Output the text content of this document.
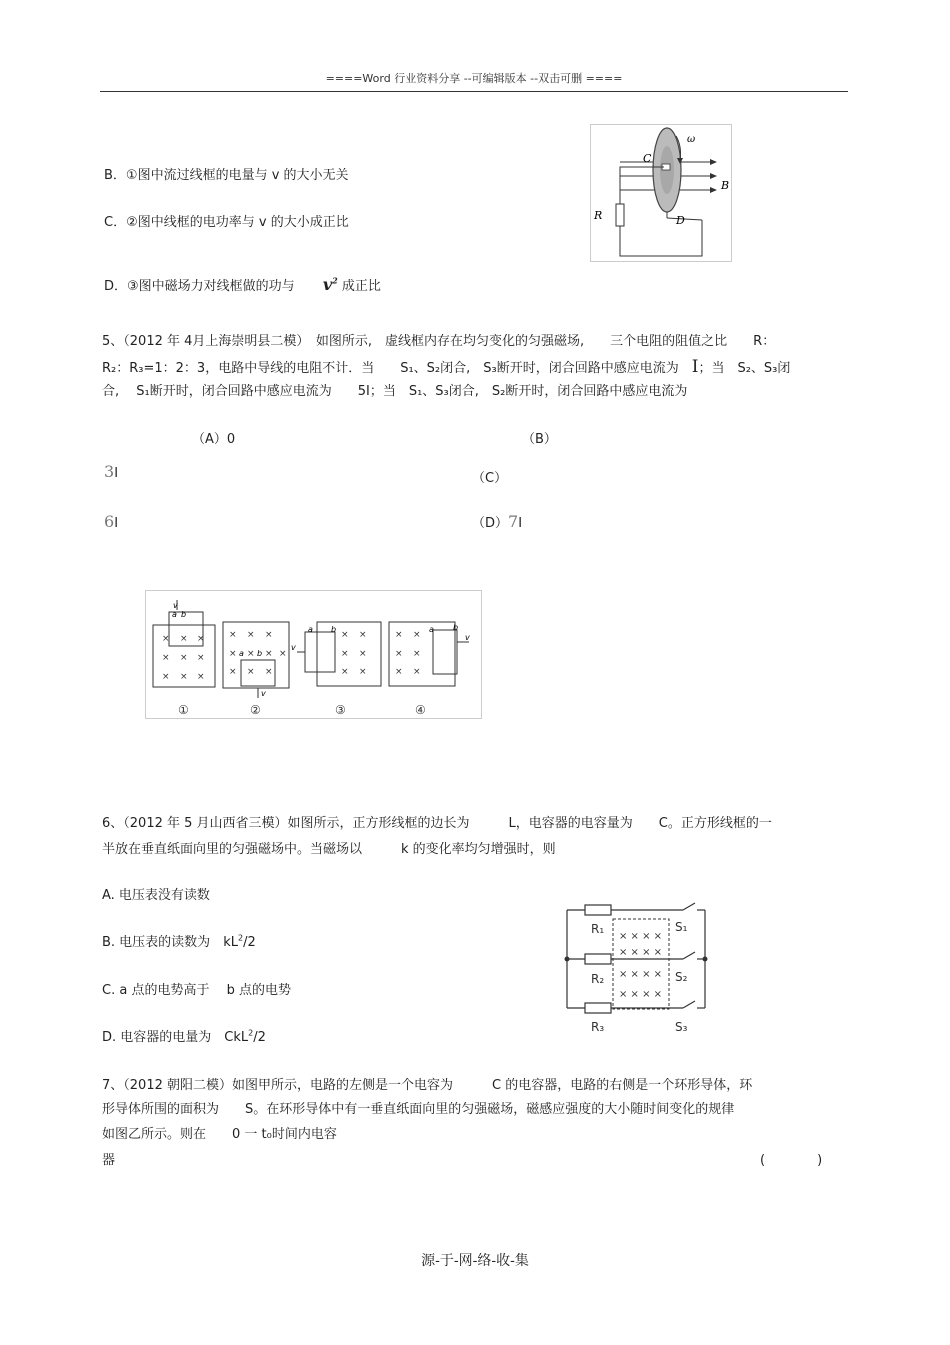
====Word 行业资料分享 --可编辑版本 --双击可删 ====
B．①图中流过线框的电量与 v 的大小无关
C．②图中线框的电功率与 v 的大小成正比
D．③图中磁场力对线框做的功与 $v^2$ 成正比
ω
C
B
R	D
5、（2012 年 4月上海崇明县二模）　如图所示,　虚线框内存在均匀变化的匀强磁场,　　三个电阻的阻值之比　　R：
R₂：R₃=1：2：3，电路中导线的电阻不计．当　　S₁、S₂闭合,　S₃断开时，闭合回路中感应电流为　I；当　S₂、S₃闭
合,　 S₁断开时，闭合回路中感应电流为　　5I；当　S₁、S₃闭合,　S₂断开时，闭合回路中感应电流为
（A）0	（B）
3I	（C）
6I	（D）7I
× × ×
× × ×
× × ×
v
a b
× × ×
× × × ×
× × ×
a b
v
× ×
× ×
× ×
a b
v
× ×
× ×
× ×
a b
v
①	②	③	④
6、（2012 年 5 月山西省三模）如图所示，正方形线框的边长为　　　L，电容器的电容量为　　C。正方形线框的一
半放在垂直纸面向里的匀强磁场中。当磁场以　　　k 的变化率均匀增强时，则
A. 电压表没有读数
B. 电压表的读数为　$kL^2/2$
C. a 点的电势高于　 b 点的电势
D. 电容器的电量为　CkL$^2$/2
× × × ×
× × × ×
× × × ×
× × × ×
R₁
R₂
R₃
S₁
S₂
S₃
7、（2012 朝阳二模）如图甲所示，电路的左侧是一个电容为　　　C 的电容器，电路的右侧是一个环形导体，环
形导体所围的面积为　　S。在环形导体中有一垂直纸面向里的匀强磁场，磁感应强度的大小随时间变化的规律
如图乙所示。则在　　0 一 t₀时间内电容
器	(　　　　)
源-于-网-络-收-集
